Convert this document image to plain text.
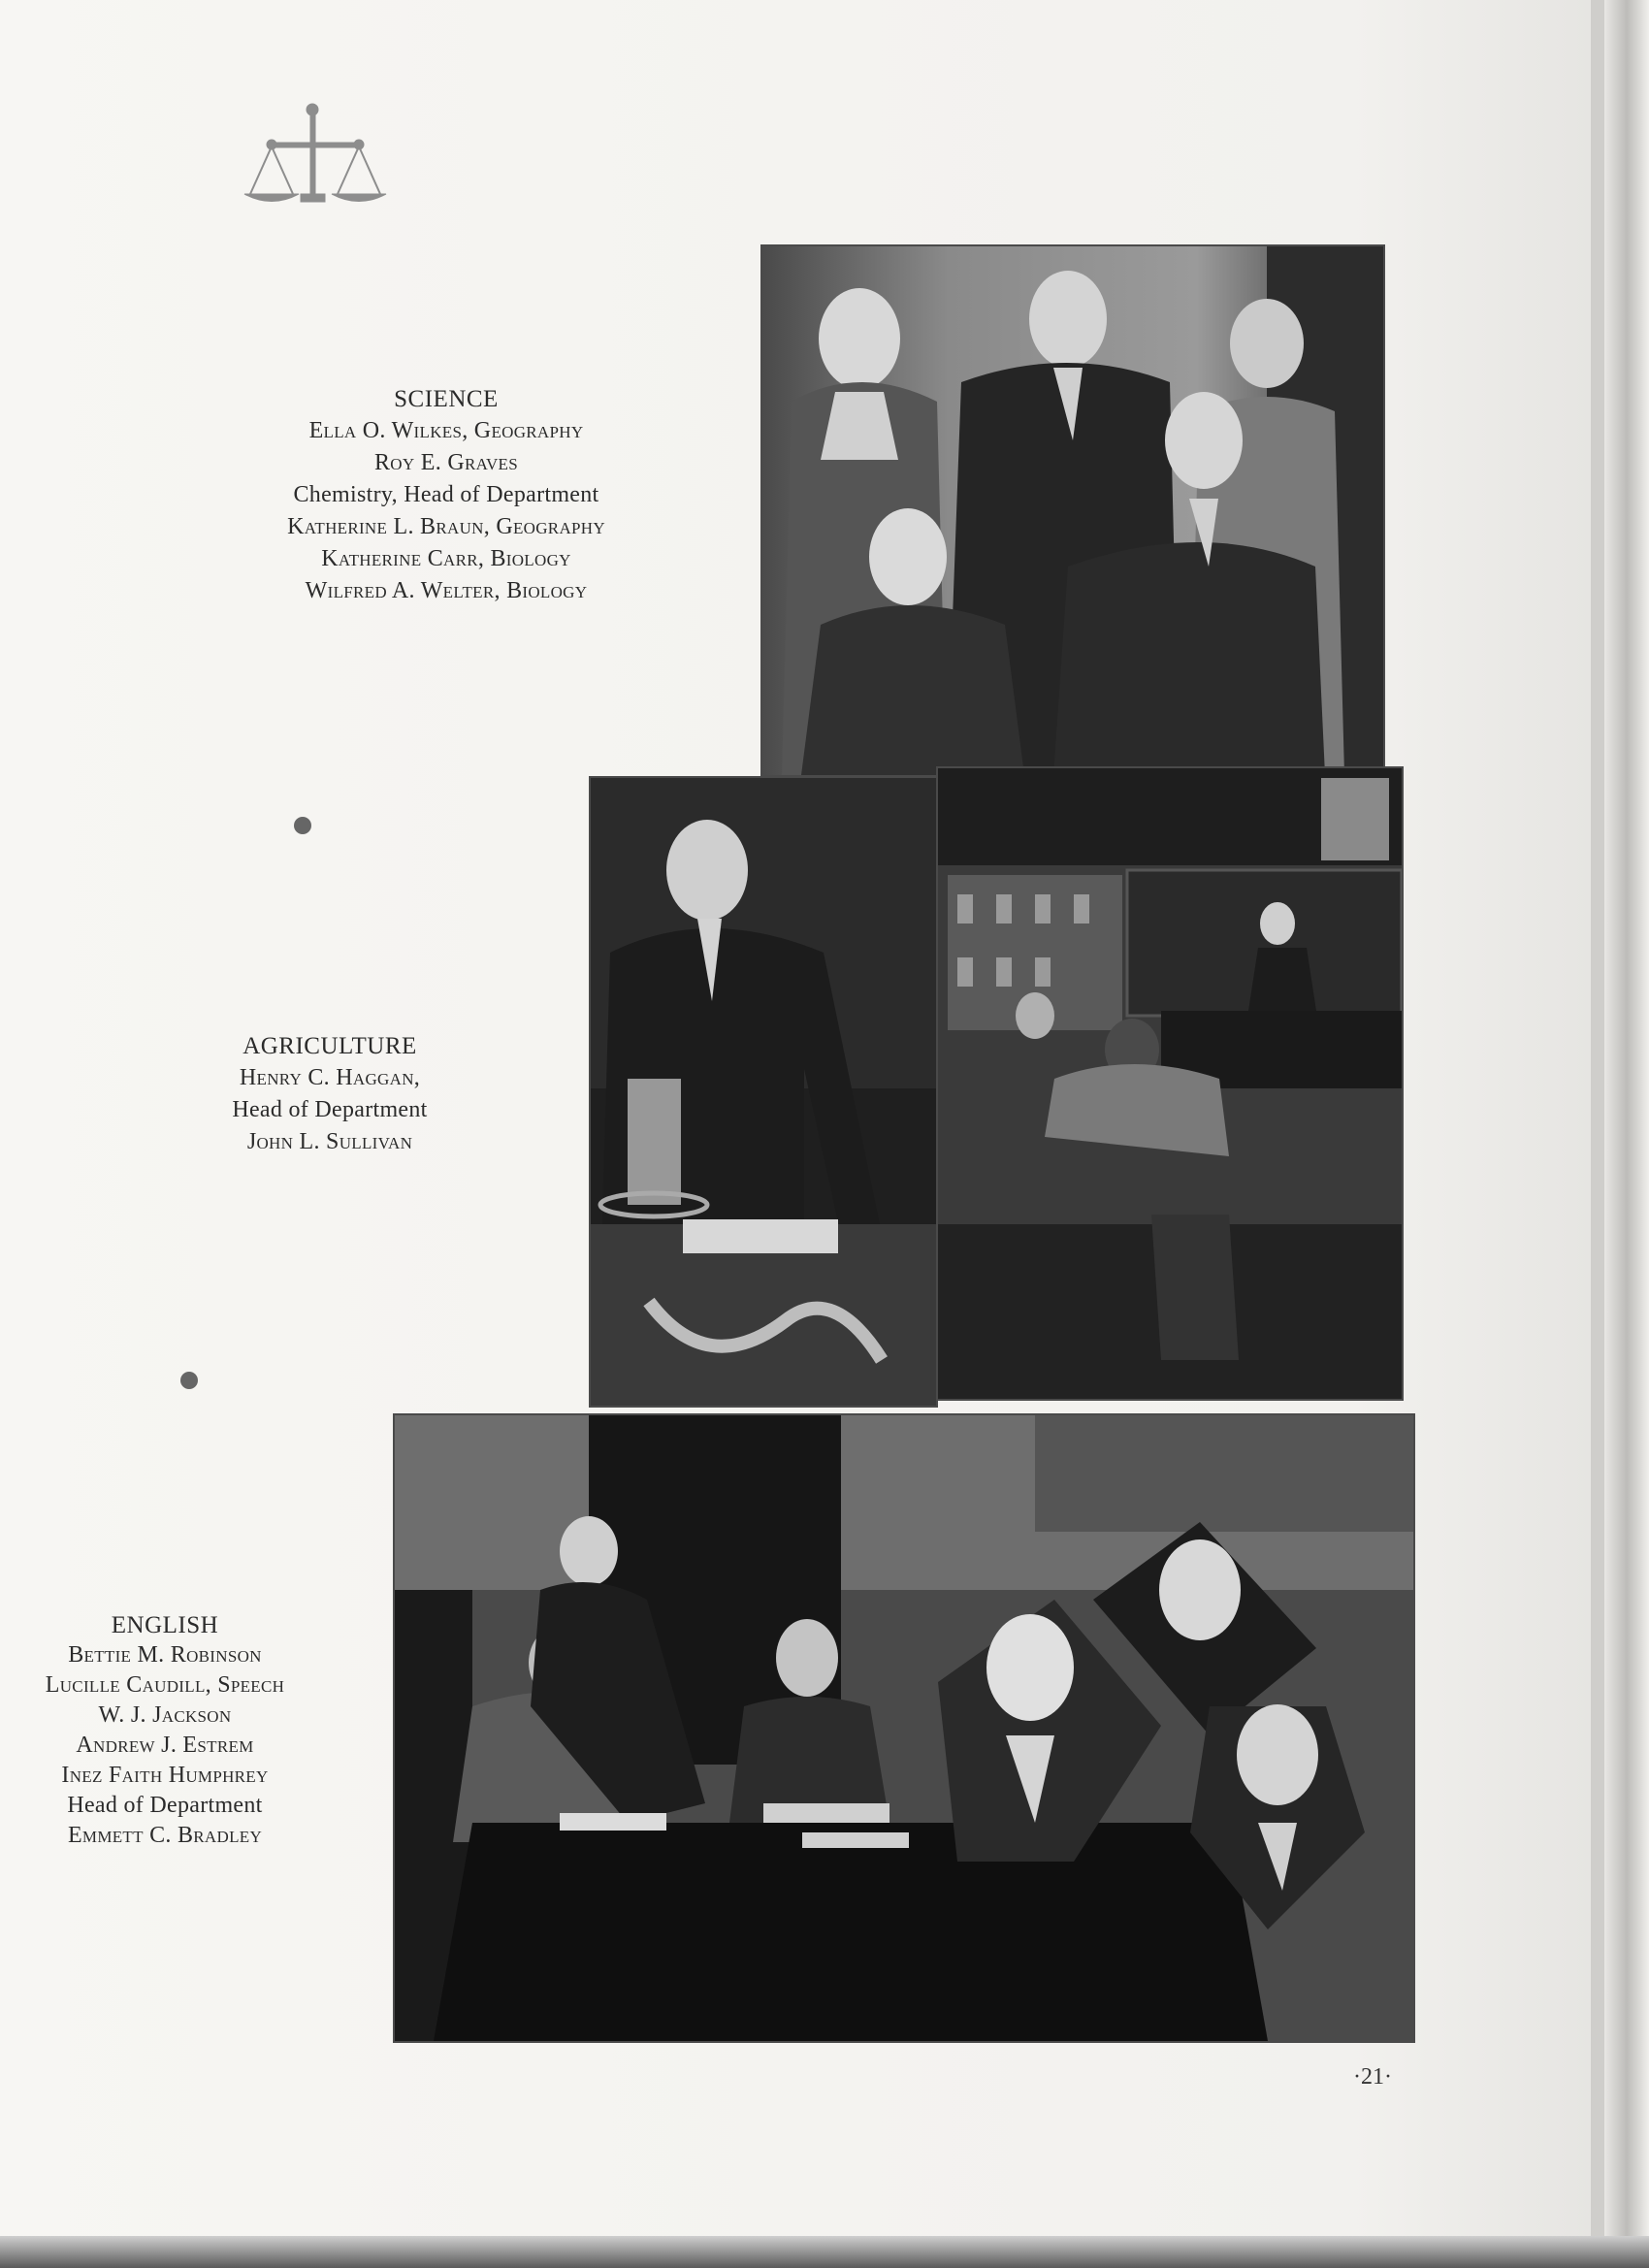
SCIENCE
Ella O. Wilkes, Geography
Roy E. Graves
Chemistry, Head of Department
Katherine L. Braun, Geography
Katherine Carr, Biology
Wilfred A. Welter, Biology
AGRICULTURE
Henry C. Haggan,
Head of Department
John L. Sullivan
ENGLISH
Bettie M. Robinson
Lucille Caudill, Speech
W. J. Jackson
Andrew J. Estrem
Inez Faith Humphrey
Head of Department
Emmett C. Bradley
·21·
